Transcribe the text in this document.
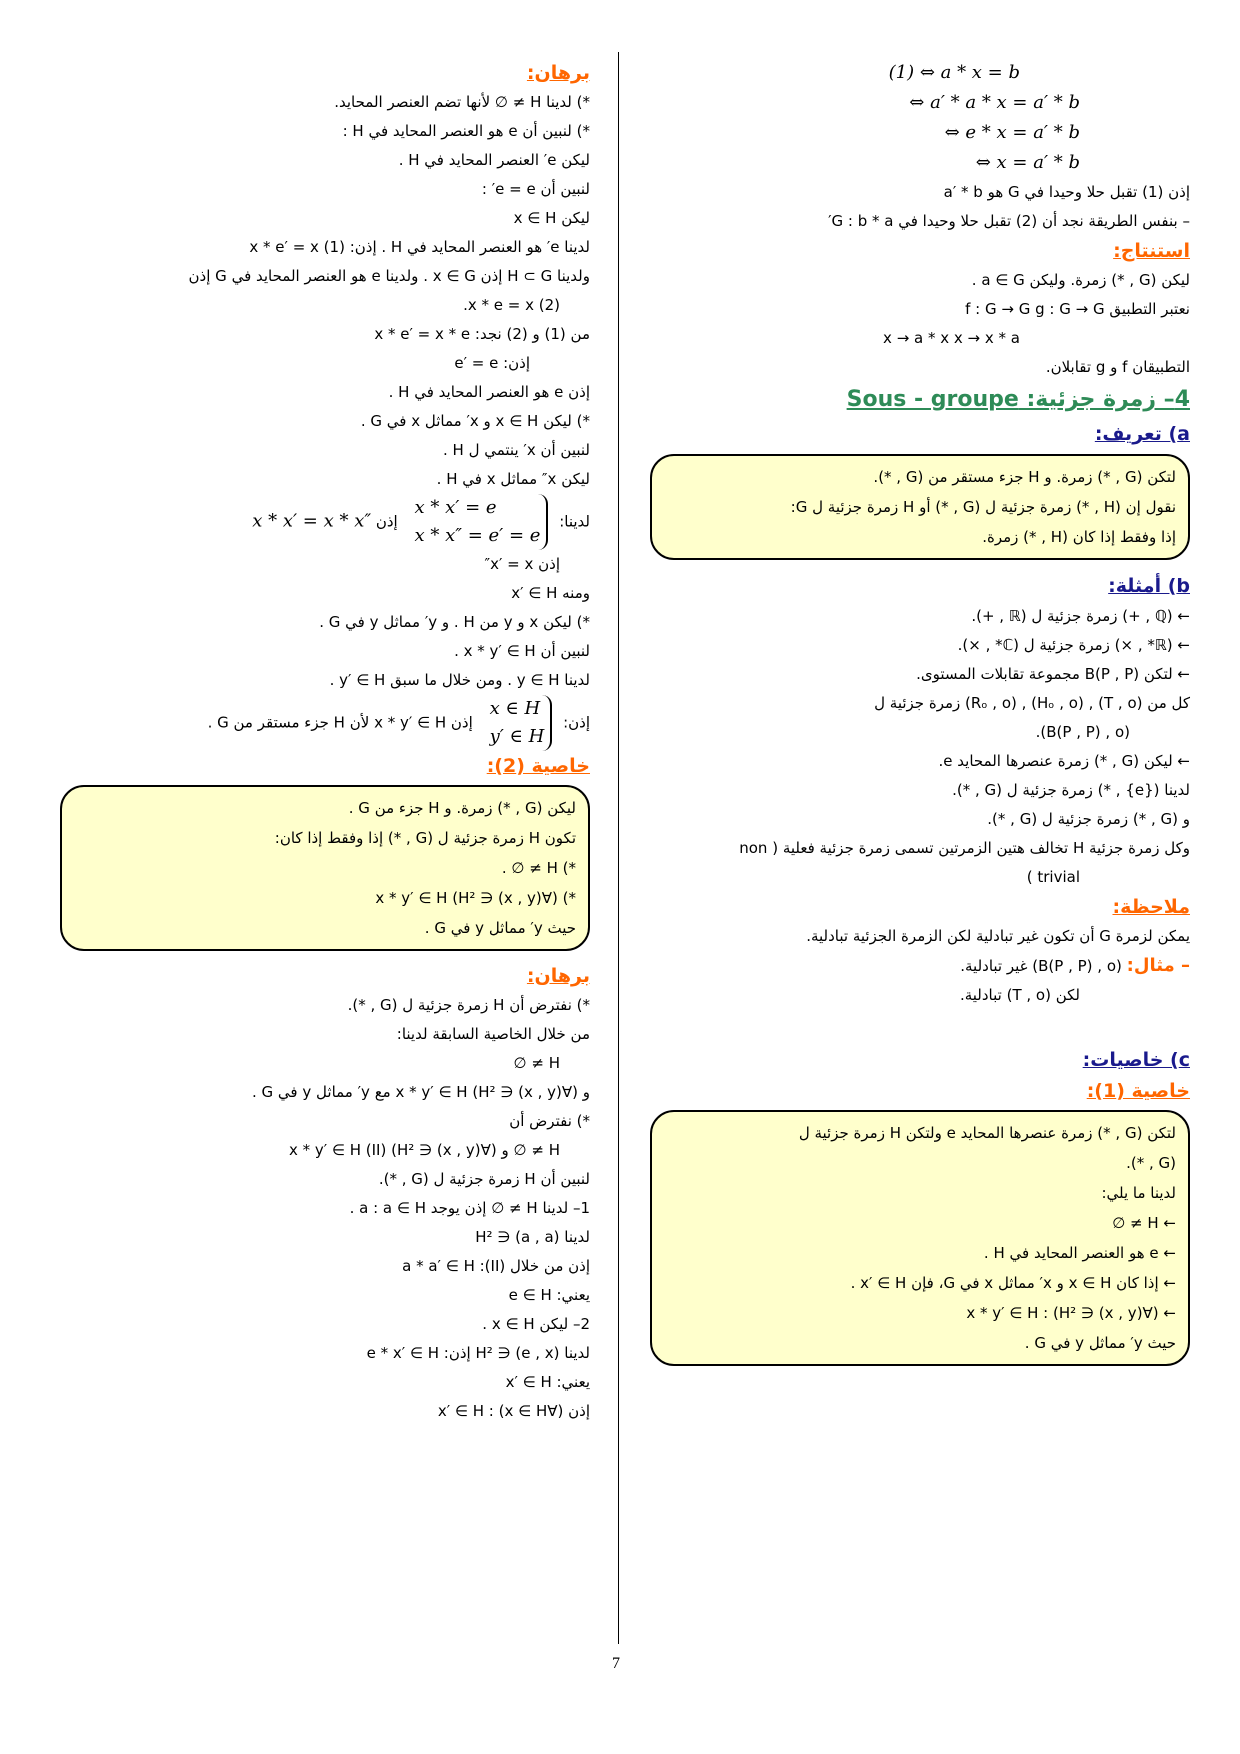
(1) ⇔ a * x = b
⇔ a′ * a * x = a′ * b
⇔ e * x = a′ * b
⇔ x = a′ * b
إذن (1) تقبل حلا وحيدا في G هو a′ * b
– بنفس الطريقة نجد أن (2) تقبل حلا وحيدا في G : b * a′
استنتاج:
ليكن (G , *) زمرة. وليكن a ∈ G .
نعتبر التطبيق f : G → G g : G → G
x → a * x x → x * a
التطبيقان f و g تقابلان.
4– زمرة جزئية: Sous - groupe
a) تعريف:
لتكن (G , *) زمرة. و H جزء مستقر من (G , *).
نقول إن (H , *) زمرة جزئية ل (G , *) أو H زمرة جزئية ل G:
إذا وفقط إذا كان (H , *) زمرة.
b) أمثلة:
← (ℚ , +) زمرة جزئية ل (ℝ , +).
← (ℝ* , ×) زمرة جزئية ل (ℂ* , ×).
← لتكن B(P , P) مجموعة تقابلات المستوى.
كل من (T , o) , (Hₒ , o) , (Rₒ , o) زمرة جزئية ل
(B(P , P) , o).
← ليكن (G , *) زمرة عنصرها المحايد e.
لدينا ({e} , *) زمرة جزئية ل (G , *).
و (G , *) زمرة جزئية ل (G , *).
وكل زمرة جزئية H تخالف هتين الزمرتين تسمى زمرة جزئية فعلية ( non
trivial )
ملاحظة:
يمكن لزمرة G أن تكون غير تبادلية لكن الزمرة الجزئية تبادلية.
– مثال: (B(P , P) , o) غير تبادلية.
لكن (T , o) تبادلية.
c) خاصيات:
خاصية (1):
لتكن (G , *) زمرة عنصرها المحايد e ولتكن H زمرة جزئية ل
(G , *).
لدينا ما يلي:
← H ≠ ∅
← e هو العنصر المحايد في H .
← إذا كان x ∈ H و x′ مماثل x في G، فإن x′ ∈ H .
← (∀(x , y) ∈ H²) : x * y′ ∈ H
حيث y′ مماثل y في G .
برهان:
*) لدينا H ≠ ∅ لأنها تضم العنصر المحايد.
*) لنبين أن e هو العنصر المحايد في H :
ليكن e′ العنصر المحايد في H .
لنبين أن e = e′ :
ليكن x ∈ H
لدينا e′ هو العنصر المحايد في H . إذن: x * e′ = x (1)
ولدينا H ⊂ G إذن x ∈ G . ولدينا e هو العنصر المحايد في G إذن
x * e = x (2).
من (1) و (2) نجد: x * e′ = x * e
إذن: e′ = e
إذن e هو العنصر المحايد في H .
*) ليكن x ∈ H و x′ مماثل x في G .
لنبين أن x′ ينتمي ل H .
ليكن x″ مماثل x في H .
لدينا:
x * x′ = e
x * x″ = e′ = e
إذن x * x′ = x * x″
إذن x′ = x″
ومنه x′ ∈ H
*) ليكن x و y من H . و y′ مماثل y في G .
لنبين أن x * y′ ∈ H .
لدينا y ∈ H . ومن خلال ما سبق y′ ∈ H .
إذن:
x ∈ H
y′ ∈ H
إذن x * y′ ∈ H لأن H جزء مستقر من G .
خاصية (2):
ليكن (G , *) زمرة. و H جزء من G .
تكون H زمرة جزئية ل (G , *) إذا وفقط إذا كان:
*) H ≠ ∅ .
*) (∀(x , y) ∈ H²) x * y′ ∈ H
حيث y′ مماثل y في G .
برهان:
*) نفترض أن H زمرة جزئية ل (G , *).
من خلال الخاصية السابقة لدينا:
H ≠ ∅
و (∀(x , y) ∈ H²) x * y′ ∈ H مع y′ مماثل y في G .
*) نفترض أن
H ≠ ∅ و (∀(x , y) ∈ H²) x * y′ ∈ H (II)
لنبين أن H زمرة جزئية ل (G , *).
1– لدينا H ≠ ∅ إذن يوجد a : a ∈ H .
لدينا (a , a) ∈ H²
إذن من خلال (II): a * a′ ∈ H
يعني: e ∈ H
2– ليكن x ∈ H .
لدينا (e , x) ∈ H² إذن: e * x′ ∈ H
يعني: x′ ∈ H
إذن (∀x ∈ H) : x′ ∈ H
7
